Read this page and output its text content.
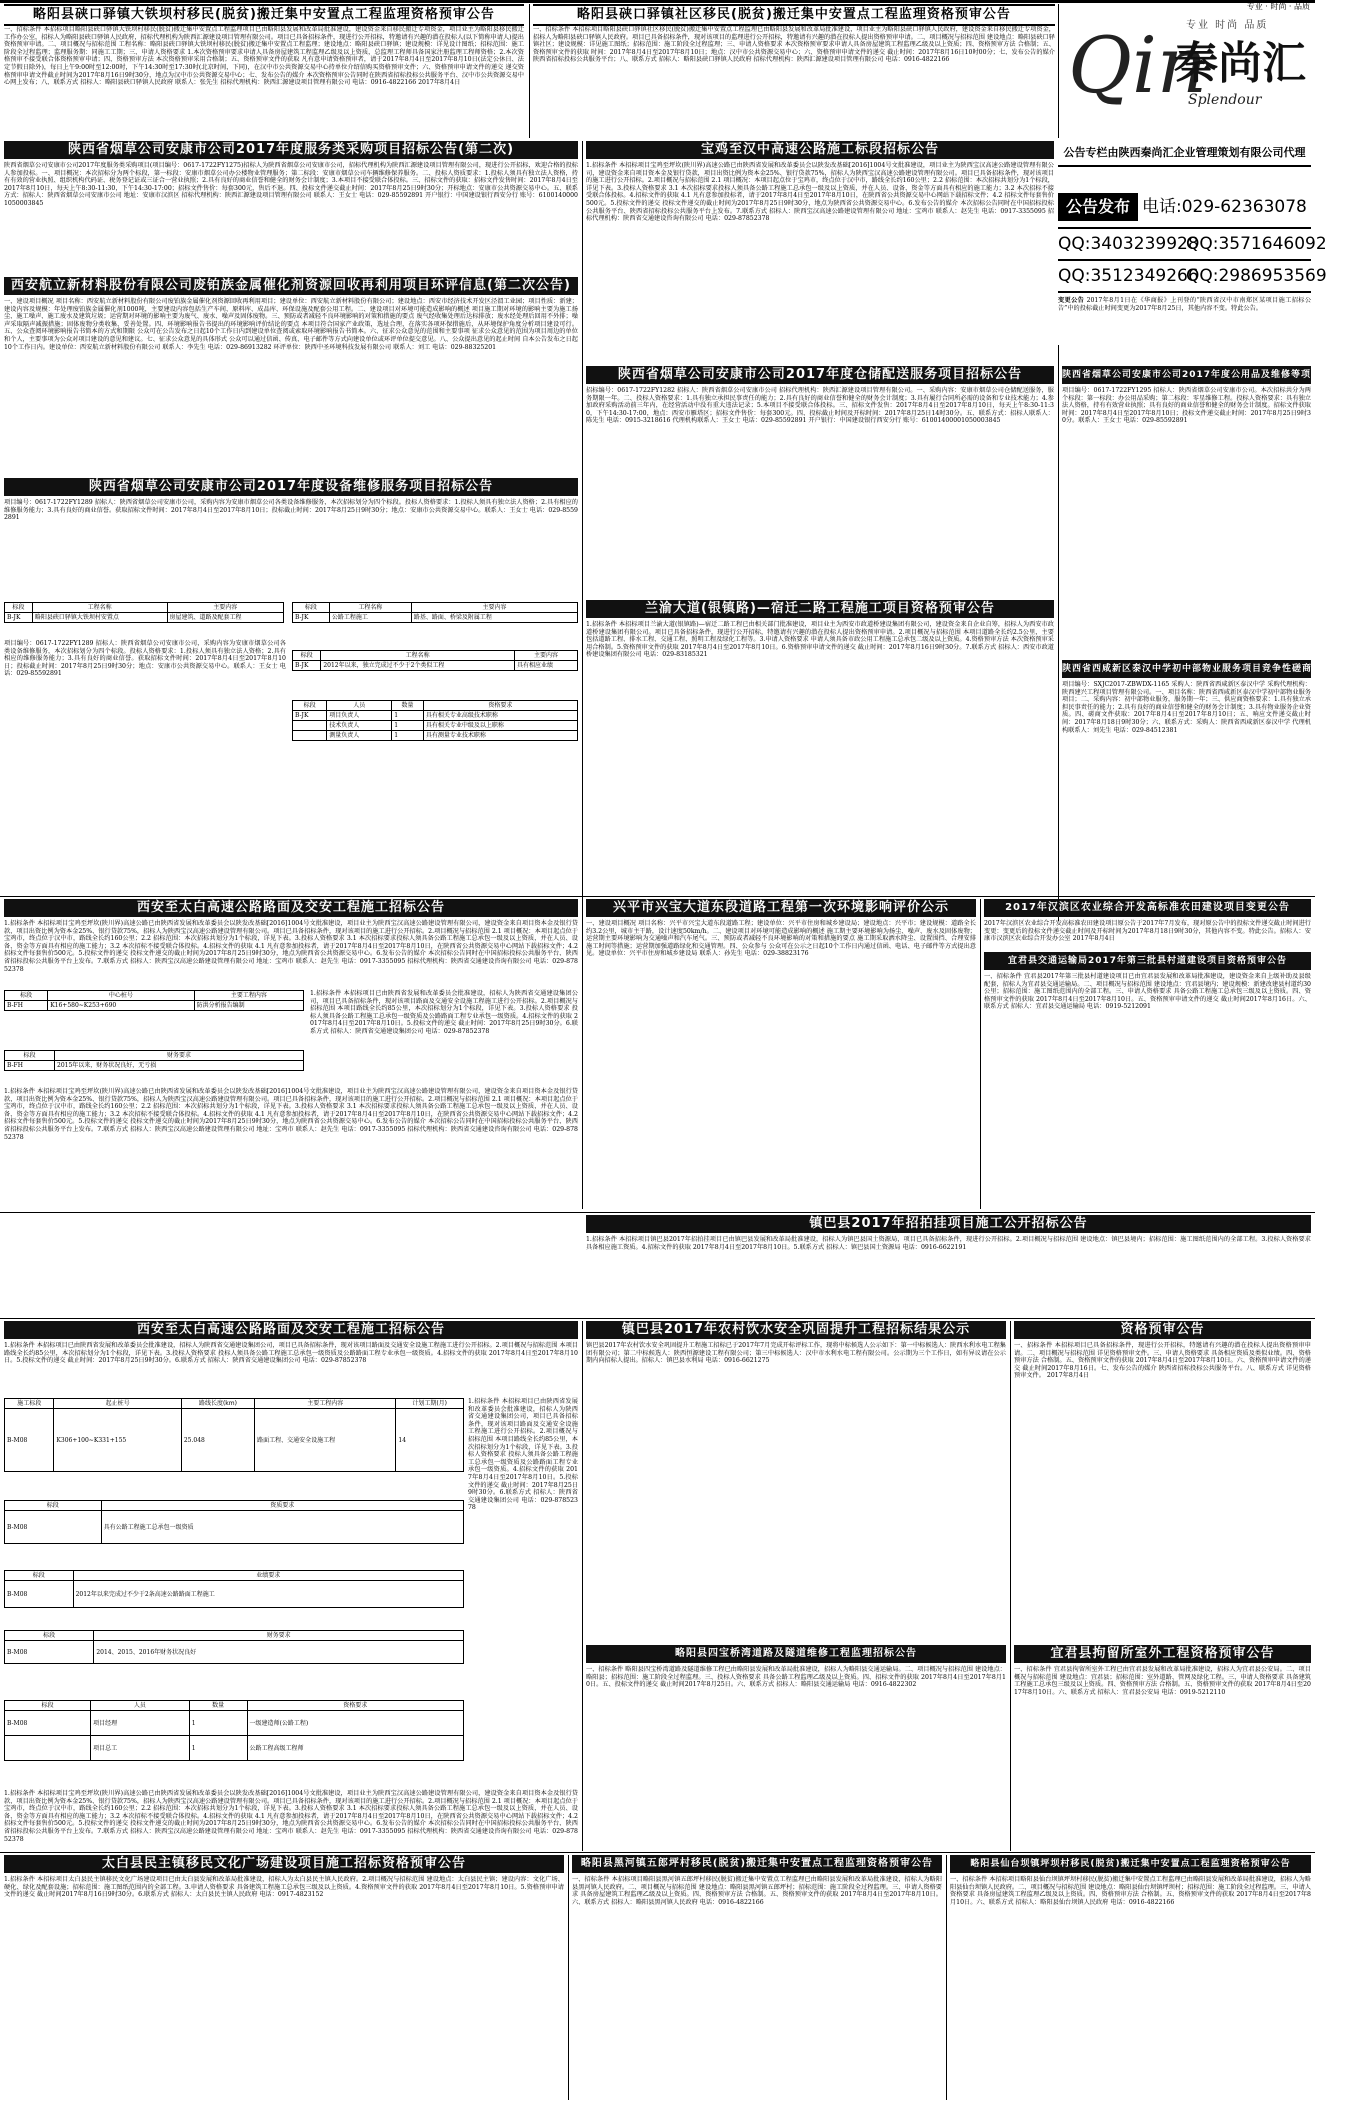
专业 · 时尚 · 品质
专业 时尚 品质
Qin
秦尚汇
Splendour
略阳县硖口驿镇大铁坝村移民(脱贫)搬迁集中安置点工程监理资格预审公告
一、招标条件 本招标项目略阳县硖口驿镇大铁坝村移民(脱贫)搬迁集中安置点工程监理项目已由略阳县发展和改革局批准建设，建设资金来自移民搬迁专项资金，项目业主为略阳县移民搬迁工作办公室，招标人为略阳县硖口驿镇人民政府，招标代理机构为陕西汇源建设项目管理有限公司。项目已具备招标条件，现进行公开招标，特邀请有兴趣的潜在投标人(以下简称申请人)提出资格预审申请。二、项目概况与招标范围 工程名称：略阳县硖口驿镇大铁坝村移民(脱贫)搬迁集中安置点工程监理；建设地点：略阳县硖口驿镇；建设规模：详见设计图纸；招标范围：施工阶段全过程监理；监理服务期：同施工工期；三、申请人资格要求 1.本次资格预审要求申请人具备房屋建筑工程监理乙级及以上资质，总监理工程师具备国家注册监理工程师资格；2.本次资格预审不接受联合体资格预审申请；四、资格预审方法 本次资格预审采用合格制；五、资格预审文件的获取 凡有意申请资格预审者，请于2017年8月4日至2017年8月10日(法定公休日、法定节假日除外)，每日上午9:00时至12:00时，下午14:30时至17:30时(北京时间，下同)，在汉中市公共资源交易中心持单位介绍信购买资格预审文件；六、资格预审申请文件的递交 递交资格预审申请文件截止时间为2017年8月16日9时30分，地点为汉中市公共资源交易中心；七、发布公告的媒介 本次资格预审公告同时在陕西省招标投标公共服务平台、汉中市公共资源交易中心网上发布；八、联系方式 招标人：略阳县硖口驿镇人民政府 联系人：张先生 招标代理机构：陕西汇源建设项目管理有限公司 电话：0916-4822166 2017年8月4日
略阳县硖口驿镇社区移民(脱贫)搬迁集中安置点工程监理资格预审公告
一、招标条件 本招标项目略阳县硖口驿镇社区移民(脱贫)搬迁集中安置点工程监理已由略阳县发展和改革局批准建设，项目业主为略阳县硖口驿镇人民政府，建设资金来自移民搬迁专项资金，招标人为略阳县硖口驿镇人民政府。项目已具备招标条件，现对该项目的监理进行公开招标，特邀请有兴趣的潜在投标人提出资格预审申请。二、项目概况与招标范围 建设地点：略阳县硖口驿镇社区；建设规模：详见施工图纸；招标范围：施工阶段全过程监理；三、申请人资格要求 本次资格预审要求申请人具备房屋建筑工程监理乙级及以上资质；四、资格预审方法 合格制；五、资格预审文件的获取 时间：2017年8月4日至2017年8月10日；地点：汉中市公共资源交易中心；六、资格预审申请文件的递交 截止时间：2017年8月16日10时00分；七、发布公告的媒介 陕西省招标投标公共服务平台；八、联系方式 招标人：略阳县硖口驿镇人民政府 招标代理机构：陕西汇源建设项目管理有限公司 电话：0916-4822166
陕西省烟草公司安康市公司2017年度服务类采购项目招标公告(第二次)
陕西省烟草公司安康市公司2017年度服务类采购项目(项目编号：0617-1722FY1275)招标人为陕西省烟草公司安康市公司，招标代理机构为陕西汇源建设项目管理有限公司，现进行公开招标，欢迎合格的投标人参加投标。一、项目概况：本次招标分为两个标段，第一标段：安康市烟草公司办公楼物业管理服务；第二标段：安康市烟草公司车辆维修保养服务。二、投标人资质要求：1.投标人须具有独立法人资格，持有有效的营业执照、组织机构代码证、税务登记证或三证合一营业执照；2.具有良好的商业信誉和健全的财务会计制度；3.本项目不接受联合体投标。三、招标文件的获取：招标文件发售时间：2017年8月4日至2017年8月10日，每天上午8:30-11:30，下午14:30-17:00；招标文件售价：每套300元，售后不退。四、投标文件递交截止时间：2017年8月25日9时30分；开标地点：安康市公共资源交易中心。五、联系方式：招标人：陕西省烟草公司安康市公司 地址：安康市汉滨区 招标代理机构：陕西汇源建设项目管理有限公司 联系人：王女士 电话：029-85592891 开户银行：中国建设银行西安分行 账号：61001400001050003845
西安航立新材料股份有限公司废铂族金属催化剂资源回收再利用项目环评信息(第二次公告)
一、建设项目概况 项目名称：西安航立新材料股份有限公司废铂族金属催化剂资源回收再利用项目；建设单位：西安航立新材料股份有限公司；建设地点：西安市经济技术开发区泾渭工业园；项目性质：新建；建设内容及规模：年处理废铂族金属催化剂1000吨，主要建设内容包括生产车间、原料库、成品库、环保设施及配套公用工程。二、建设项目对环境可能造成影响的概述 项目施工期对环境的影响主要为施工扬尘、施工噪声、施工废水及建筑垃圾；运营期对环境的影响主要为废气、废水、噪声及固体废物。三、预防或者减轻不良环境影响的对策和措施的要点 废气经收集处理后达标排放；废水经处理后回用不外排；噪声采取隔声减振措施；固体废物分类收集、妥善处置。四、环境影响报告书提出的环境影响评价结论的要点 本项目符合国家产业政策，选址合理，在落实各项环保措施后，从环境保护角度分析项目建设可行。五、公众查阅环境影响报告书简本的方式和期限 公众可在公告发布之日起10个工作日内到建设单位查阅或索取环境影响报告书简本。六、征求公众意见的范围和主要事项 征求公众意见的范围为项目周边的单位和个人，主要事项为公众对项目建设的意见和建议。七、征求公众意见的具体形式 公众可以通过信函、传真、电子邮件等方式向建设单位或环评单位提交意见。八、公众提出意见的起止时间 自本公告发布之日起10个工作日内。建设单位：西安航立新材料股份有限公司 联系人：李先生 电话：029-86913282 环评单位：陕西中圣环境科技发展有限公司 联系人：刘工 电话：029-88325201
宝鸡至汉中高速公路施工标段招标公告
1.招标条件 本招标项目宝鸡至坪坎(陕川界)高速公路已由陕西省发展和改革委员会以陕发改基础[2016]1004号文批准建设，项目业主为陕西宝汉高速公路建设管理有限公司，建设资金来自项目资本金及银行贷款，项目出资比例为资本金25%、银行贷款75%，招标人为陕西宝汉高速公路建设管理有限公司。项目已具备招标条件，现对该项目的施工进行公开招标。2.项目概况与招标范围 2.1 项目概况：本项目起点位于宝鸡市，终点位于汉中市，路线全长约160公里；2.2 招标范围：本次招标共划分为1个标段，详见下表。3.投标人资格要求 3.1 本次招标要求投标人须具备公路工程施工总承包一级及以上资质，并在人员、设备、资金等方面具有相应的施工能力；3.2 本次招标不接受联合体投标。4.招标文件的获取 4.1 凡有意参加投标者，请于2017年8月4日至2017年8月10日，在陕西省公共资源交易中心网站下载招标文件；4.2 招标文件每套售价500元。5.投标文件的递交 投标文件递交的截止时间为2017年8月25日9时30分，地点为陕西省公共资源交易中心。6.发布公告的媒介 本次招标公告同时在中国招标投标公共服务平台、陕西省招标投标公共服务平台上发布。7.联系方式 招标人：陕西宝汉高速公路建设管理有限公司 地址：宝鸡市 联系人：赵先生 电话：0917-3355095 招标代理机构：陕西省交通建设咨询有限公司 电话：029-87852378
公告专栏由陕西秦尚汇企业管理策划有限公司代理
公告发布 电话:029-62363078
QQ:3403239928
QQ:3571646092
QQ:3512349266
QQ:2986953569
变更公告 2017年8月1日在《华商报》上刊登的“陕西省汉中市南郑区某项目施工招标公告”中的投标截止时间变更为2017年8月25日，其他内容不变。特此公告。
陕西省烟草公司安康市公司2017年度仓储配送服务项目招标公告
招标编号：0617-1722FY1282 招标人：陕西省烟草公司安康市公司 招标代理机构：陕西汇源建设项目管理有限公司。一、采购内容：安康市烟草公司仓储配送服务，服务期限一年。二、投标人资格要求：1.具有独立承担民事责任的能力；2.具有良好的商业信誉和健全的财务会计制度；3.具有履行合同所必需的设备和专业技术能力；4.参加政府采购活动前三年内，在经营活动中没有重大违法记录；5.本项目不接受联合体投标。三、招标文件发售：2017年8月4日至2017年8月10日，每天上午8:30-11:30，下午14:30-17:00，地点：西安市雁塔区；招标文件售价：每套300元。四、投标截止时间及开标时间：2017年8月25日14时30分。五、联系方式：招标人联系人：陈先生 电话：0915-3218616 代理机构联系人：王女士 电话：029-85592891 开户银行：中国建设银行西安分行 账号：61001400001050003845
陕西省烟草公司安康市公司2017年度公用品及维修等项目招标公告
项目编号：0617-1722FY1295 招标人：陕西省烟草公司安康市公司。本次招标共分为两个标段：第一标段：办公用品采购；第二标段：零星维修工程。投标人资格要求：具有独立法人资格，持有有效营业执照；具有良好的商业信誉和健全的财务会计制度。招标文件获取时间：2017年8月4日至2017年8月10日；投标文件递交截止时间：2017年8月25日9时30分。联系人：王女士 电话：029-85592891
陕西省西咸新区泰汉中学初中部物业服务项目竞争性磋商公告
项目编号：SXJC2017-ZBWDX-1165 采购人：陕西省西咸新区泰汉中学 采购代理机构：陕西建兴工程项目管理有限公司。一、项目名称：陕西省西咸新区泰汉中学初中部物业服务项目；二、采购内容：初中部物业服务，服务期一年；三、供应商资格要求：1.具有独立承担民事责任的能力；2.具有良好的商业信誉和健全的财务会计制度；3.具有物业服务企业资质。四、磋商文件获取：2017年8月4日至2017年8月10日；五、响应文件递交截止时间：2017年8月18日9时30分；六、联系方式：采购人：陕西省西咸新区泰汉中学 代理机构联系人：刘先生 电话：029-84512381
兰渝大道(银镇路)—宿迁二路工程施工项目资格预审公告
1.招标条件 本招标项目兰渝大道(银镇路)—宿迁二路工程已由相关部门批准建设，项目业主为西安市政道桥建设集团有限公司，建设资金来自企业自筹，招标人为西安市政道桥建设集团有限公司。项目已具备招标条件，现进行公开招标，特邀请有兴趣的潜在投标人提出资格预审申请。2.项目概况与招标范围 本项目道路全长约2.5公里，主要包括道路工程、排水工程、交通工程、照明工程及绿化工程等。3.申请人资格要求 申请人须具备市政公用工程施工总承包二级及以上资质。4.资格预审方法 本次资格预审采用合格制。5.资格预审文件的获取 2017年8月4日至2017年8月10日。6.资格预审申请文件的递交 截止时间：2017年8月16日9时30分。7.联系方式 招标人：西安市政道桥建设集团有限公司 电话：029-83185321
陕西省烟草公司安康市公司2017年度设备维修服务项目招标公告
项目编号：0617-1722FY1289 招标人：陕西省烟草公司安康市公司，采购内容为安康市烟草公司各类设备维修服务，本次招标划分为四个标段。投标人资格要求：1.投标人须具有独立法人资格；2.具有相应的维修服务能力；3.具有良好的商业信誉。获取招标文件时间：2017年8月4日至2017年8月10日；投标截止时间：2017年8月25日9时30分；地点：安康市公共资源交易中心。联系人：王女士 电话：029-85592891
标段	工程名称	主要内容
B-JK	略阳县硖口驿镇大铁坝村安置点	房屋建筑、道路及配套工程
标段	工程名称	主要内容
B-JK	公路工程施工	路基、路面、桥梁及附属工程
标段	工程名称	主要内容
B-JK	2012年以来，独立完成过不少于2个类似工程	具有相应业绩
标段	人员	数量	资格要求
B-JK	项目负责人	1	具有相关专业高级技术职称
	技术负责人	1	具有相关专业中级及以上职称
	测量负责人	1	具有测量专业技术职称
项目编号：0617-1722FY1289 招标人：陕西省烟草公司安康市公司，采购内容为安康市烟草公司各类设备维修服务，本次招标划分为四个标段。投标人资格要求：1.投标人须具有独立法人资格；2.具有相应的维修服务能力；3.具有良好的商业信誉。获取招标文件时间：2017年8月4日至2017年8月10日；投标截止时间：2017年8月25日9时30分；地点：安康市公共资源交易中心。联系人：王女士 电话：029-85592891
西安至太白高速公路路面及交安工程施工招标公告
标段	中心桩号	主要工程内容
B-FH	K16+580~K253+690	防洪分析报告编制
标段	财务要求
B-FH	2015年以来，财务状况良好，无亏损
1.招标条件 本招标项目宝鸡至坪坎(陕川界)高速公路已由陕西省发展和改革委员会以陕发改基础[2016]1004号文批准建设，项目业主为陕西宝汉高速公路建设管理有限公司，建设资金来自项目资本金及银行贷款，项目出资比例为资本金25%、银行贷款75%，招标人为陕西宝汉高速公路建设管理有限公司。项目已具备招标条件，现对该项目的施工进行公开招标。2.项目概况与招标范围 2.1 项目概况：本项目起点位于宝鸡市，终点位于汉中市，路线全长约160公里；2.2 招标范围：本次招标共划分为1个标段，详见下表。3.投标人资格要求 3.1 本次招标要求投标人须具备公路工程施工总承包一级及以上资质，并在人员、设备、资金等方面具有相应的施工能力；3.2 本次招标不接受联合体投标。4.招标文件的获取 4.1 凡有意参加投标者，请于2017年8月4日至2017年8月10日，在陕西省公共资源交易中心网站下载招标文件；4.2 招标文件每套售价500元。5.投标文件的递交 投标文件递交的截止时间为2017年8月25日9时30分，地点为陕西省公共资源交易中心。6.发布公告的媒介 本次招标公告同时在中国招标投标公共服务平台、陕西省招标投标公共服务平台上发布。7.联系方式 招标人：陕西宝汉高速公路建设管理有限公司 地址：宝鸡市 联系人：赵先生 电话：0917-3355095 招标代理机构：陕西省交通建设咨询有限公司 电话：029-87852378
1.招标条件 本招标项目已由陕西省发展和改革委员会批准建设，招标人为陕西省交通建设集团公司，项目已具备招标条件，现对该项目路面及交通安全设施工程施工进行公开招标。2.项目概况与招标范围 本项目路线全长约85公里，本次招标划分为1个标段，详见下表。3.投标人资格要求 投标人须具备公路工程施工总承包一级资质及公路路面工程专业承包一级资质。4.招标文件的获取 2017年8月4日至2017年8月10日。5.投标文件的递交 截止时间：2017年8月25日9时30分。6.联系方式 招标人：陕西省交通建设集团公司 电话：029-87852378
1.招标条件 本招标项目宝鸡至坪坎(陕川界)高速公路已由陕西省发展和改革委员会以陕发改基础[2016]1004号文批准建设，项目业主为陕西宝汉高速公路建设管理有限公司，建设资金来自项目资本金及银行贷款，项目出资比例为资本金25%、银行贷款75%，招标人为陕西宝汉高速公路建设管理有限公司。项目已具备招标条件，现对该项目的施工进行公开招标。2.项目概况与招标范围 2.1 项目概况：本项目起点位于宝鸡市，终点位于汉中市，路线全长约160公里；2.2 招标范围：本次招标共划分为1个标段，详见下表。3.投标人资格要求 3.1 本次招标要求投标人须具备公路工程施工总承包一级及以上资质，并在人员、设备、资金等方面具有相应的施工能力；3.2 本次招标不接受联合体投标。4.招标文件的获取 4.1 凡有意参加投标者，请于2017年8月4日至2017年8月10日，在陕西省公共资源交易中心网站下载招标文件；4.2 招标文件每套售价500元。5.投标文件的递交 投标文件递交的截止时间为2017年8月25日9时30分，地点为陕西省公共资源交易中心。6.发布公告的媒介 本次招标公告同时在中国招标投标公共服务平台、陕西省招标投标公共服务平台上发布。7.联系方式 招标人：陕西宝汉高速公路建设管理有限公司 地址：宝鸡市 联系人：赵先生 电话：0917-3355095 招标代理机构：陕西省交通建设咨询有限公司 电话：029-87852378
兴平市兴宝大道东段道路工程第一次环境影响评价公示
一、建设项目概况 项目名称：兴平市兴宝大道东段道路工程；建设单位：兴平市住房和城乡建设局；建设地点：兴平市；建设规模：道路全长约3.2公里，城市主干路，设计速度50km/h。二、建设项目对环境可能造成影响的概述 施工期主要环境影响为扬尘、噪声、废水及固体废物；运营期主要环境影响为交通噪声和汽车尾气。三、预防或者减轻不良环境影响的对策和措施的要点 施工期采取洒水降尘、设置围挡、合理安排施工时间等措施；运营期加强道路绿化和交通管理。四、公众参与 公众可在公示之日起10个工作日内通过信函、电话、电子邮件等方式提出意见。建设单位：兴平市住房和城乡建设局 联系人：孙先生 电话：029-38823176
2017年汉滨区农业综合开发高标准农田建设项目变更公告
2017年汉滨区农业综合开发高标准农田建设项目原公告于2017年7月发布，现对原公告中的投标文件递交截止时间进行变更：变更后的投标文件递交截止时间及开标时间为2017年8月18日9时30分，其他内容不变。特此公告。招标人：安康市汉滨区农业综合开发办公室 2017年8月4日
宜君县交通运输局2017年第三批县村道建设项目资格预审公告
一、招标条件 宜君县2017年第三批县村道建设项目已由宜君县发展和改革局批准建设，建设资金来自上级补助及县级配套，招标人为宜君县交通运输局。二、项目概况与招标范围 建设地点：宜君县境内；建设规模：新建改建县村道约30公里；招标范围：施工图纸范围内的全部工程。三、申请人资格要求 具备公路工程施工总承包三级及以上资质。四、资格预审文件的获取 2017年8月4日至2017年8月10日。五、资格预审申请文件的递交 截止时间2017年8月16日。六、联系方式 招标人：宜君县交通运输局 电话：0919-5212091
镇巴县2017年招拍挂项目施工公开招标公告
1.招标条件 本招标项目镇巴县2017年招拍挂项目已由镇巴县发展和改革局批准建设，招标人为镇巴县国土资源局，项目已具备招标条件，现进行公开招标。2.项目概况与招标范围 建设地点：镇巴县境内；招标范围：施工图纸范围内的全部工程。3.投标人资格要求 具备相应施工资质。4.招标文件的获取 2017年8月4日至2017年8月10日。5.联系方式 招标人：镇巴县国土资源局 电话：0916-6622191
西安至太白高速公路路面及交安工程施工招标公告
1.招标条件 本招标项目已由陕西省发展和改革委员会批准建设，招标人为陕西省交通建设集团公司，项目已具备招标条件，现对该项目路面及交通安全设施工程施工进行公开招标。2.项目概况与招标范围 本项目路线全长约85公里，本次招标划分为1个标段，详见下表。3.投标人资格要求 投标人须具备公路工程施工总承包一级资质及公路路面工程专业承包一级资质。4.招标文件的获取 2017年8月4日至2017年8月10日。5.投标文件的递交 截止时间：2017年8月25日9时30分。6.联系方式 招标人：陕西省交通建设集团公司 电话：029-87852378
施工标段	起止桩号	路线长度(km)	主要工程内容	计划工期(月)
B-M08	K306+100~K331+155	25.048	路面工程、交通安全设施工程	14
标段	资质要求
B-M08	具有公路工程施工总承包一级资质
标段	业绩要求
B-M08	2012年以来完成过不少于2条高速公路路面工程施工
标段	财务要求
B-M08	2014、2015、2016年财务状况良好
标段	人员	数量	资格要求
B-M08	项目经理	1	一级建造师(公路工程)
	项目总工	1	公路工程高级工程师
1.招标条件 本招标项目已由陕西省发展和改革委员会批准建设，招标人为陕西省交通建设集团公司，项目已具备招标条件，现对该项目路面及交通安全设施工程施工进行公开招标。2.项目概况与招标范围 本项目路线全长约85公里，本次招标划分为1个标段，详见下表。3.投标人资格要求 投标人须具备公路工程施工总承包一级资质及公路路面工程专业承包一级资质。4.招标文件的获取 2017年8月4日至2017年8月10日。5.投标文件的递交 截止时间：2017年8月25日9时30分。6.联系方式 招标人：陕西省交通建设集团公司 电话：029-87852378
1.招标条件 本招标项目宝鸡至坪坎(陕川界)高速公路已由陕西省发展和改革委员会以陕发改基础[2016]1004号文批准建设，项目业主为陕西宝汉高速公路建设管理有限公司，建设资金来自项目资本金及银行贷款，项目出资比例为资本金25%、银行贷款75%，招标人为陕西宝汉高速公路建设管理有限公司。项目已具备招标条件，现对该项目的施工进行公开招标。2.项目概况与招标范围 2.1 项目概况：本项目起点位于宝鸡市，终点位于汉中市，路线全长约160公里；2.2 招标范围：本次招标共划分为1个标段，详见下表。3.投标人资格要求 3.1 本次招标要求投标人须具备公路工程施工总承包一级及以上资质，并在人员、设备、资金等方面具有相应的施工能力；3.2 本次招标不接受联合体投标。4.招标文件的获取 4.1 凡有意参加投标者，请于2017年8月4日至2017年8月10日，在陕西省公共资源交易中心网站下载招标文件；4.2 招标文件每套售价500元。5.投标文件的递交 投标文件递交的截止时间为2017年8月25日9时30分，地点为陕西省公共资源交易中心。6.发布公告的媒介 本次招标公告同时在中国招标投标公共服务平台、陕西省招标投标公共服务平台上发布。7.联系方式 招标人：陕西宝汉高速公路建设管理有限公司 地址：宝鸡市 联系人：赵先生 电话：0917-3355095 招标代理机构：陕西省交通建设咨询有限公司 电话：029-87852378
镇巴县2017年农村饮水安全巩固提升工程招标结果公示
镇巴县2017年农村饮水安全巩固提升工程施工招标已于2017年7月完成开标评标工作，现将中标候选人公示如下：第一中标候选人：陕西水利水电工程集团有限公司；第二中标候选人：陕西恒源建设工程有限公司；第三中标候选人：汉中市水利水电工程有限公司。公示期为三个工作日，如有异议请在公示期内向招标人提出。招标人：镇巴县水利局 电话：0916-6621275
资格预审公告
一、招标条件 本招标项目已具备招标条件，现进行公开招标，特邀请有兴趣的潜在投标人提出资格预审申请。二、项目概况与招标范围 详见资格预审文件。三、申请人资格要求 具备相应资质及类似业绩。四、资格预审方法 合格制。五、资格预审文件的获取 2017年8月4日至2017年8月10日。六、资格预审申请文件的递交 截止时间2017年8月16日。七、发布公告的媒介 陕西省招标投标公共服务平台。八、联系方式 详见资格预审文件。 2017年8月4日
略阳县四宝桥湾道路及隧道维修工程监理招标公告
一、招标条件 略阳县四宝桥湾道路及隧道维修工程已由略阳县发展和改革局批准建设，招标人为略阳县交通运输局。二、项目概况与招标范围 建设地点：略阳县；招标范围：施工阶段全过程监理。三、投标人资格要求 具备公路工程监理乙级及以上资质。四、招标文件的获取 2017年8月4日至2017年8月10日。五、投标文件的递交 截止时间2017年8月25日。六、联系方式 招标人：略阳县交通运输局 电话：0916-4822302
宜君县拘留所室外工程资格预审公告
一、招标条件 宜君县拘留所室外工程已由宜君县发展和改革局批准建设，招标人为宜君县公安局。二、项目概况与招标范围 建设地点：宜君县；招标范围：室外道路、管网及绿化工程。三、申请人资格要求 具备建筑工程施工总承包三级及以上资质。四、资格预审方法 合格制。五、资格预审文件的获取 2017年8月4日至2017年8月10日。六、联系方式 招标人：宜君县公安局 电话：0919-5212110
太白县民主镇移民文化广场建设项目施工招标资格预审公告
1.招标条件 本招标项目太白县民主镇移民文化广场建设项目已由太白县发展和改革局批准建设，招标人为太白县民主镇人民政府。2.项目概况与招标范围 建设地点：太白县民主镇；建设内容：文化广场、硬化、绿化及配套设施；招标范围：施工图纸范围内的全部工程。3.申请人资格要求 具备建筑工程施工总承包三级及以上资质。4.资格预审文件的获取 2017年8月4日至2017年8月10日。5.资格预审申请文件的递交 截止时间2017年8月16日9时30分。6.联系方式 招标人：太白县民主镇人民政府 电话：0917-4823152
略阳县黑河镇五郎坪村移民(脱贫)搬迁集中安置点工程监理资格预审公告
一、招标条件 本招标项目略阳县黑河镇五郎坪村移民(脱贫)搬迁集中安置点工程监理已由略阳县发展和改革局批准建设，招标人为略阳县黑河镇人民政府。二、项目概况与招标范围 建设地点：略阳县黑河镇五郎坪村；招标范围：施工阶段全过程监理。三、申请人资格要求 具备房屋建筑工程监理乙级及以上资质。四、资格预审方法 合格制。五、资格预审文件的获取 2017年8月4日至2017年8月10日。六、联系方式 招标人：略阳县黑河镇人民政府 电话：0916-4822166
略阳县仙台坝镇坪坝村移民(脱贫)搬迁集中安置点工程监理资格预审公告
一、招标条件 本招标项目略阳县仙台坝镇坪坝村移民(脱贫)搬迁集中安置点工程监理已由略阳县发展和改革局批准建设，招标人为略阳县仙台坝镇人民政府。二、项目概况与招标范围 建设地点：略阳县仙台坝镇坪坝村；招标范围：施工阶段全过程监理。三、申请人资格要求 具备房屋建筑工程监理乙级及以上资质。四、资格预审方法 合格制。五、资格预审文件的获取 2017年8月4日至2017年8月10日。六、联系方式 招标人：略阳县仙台坝镇人民政府 电话：0916-4822166
